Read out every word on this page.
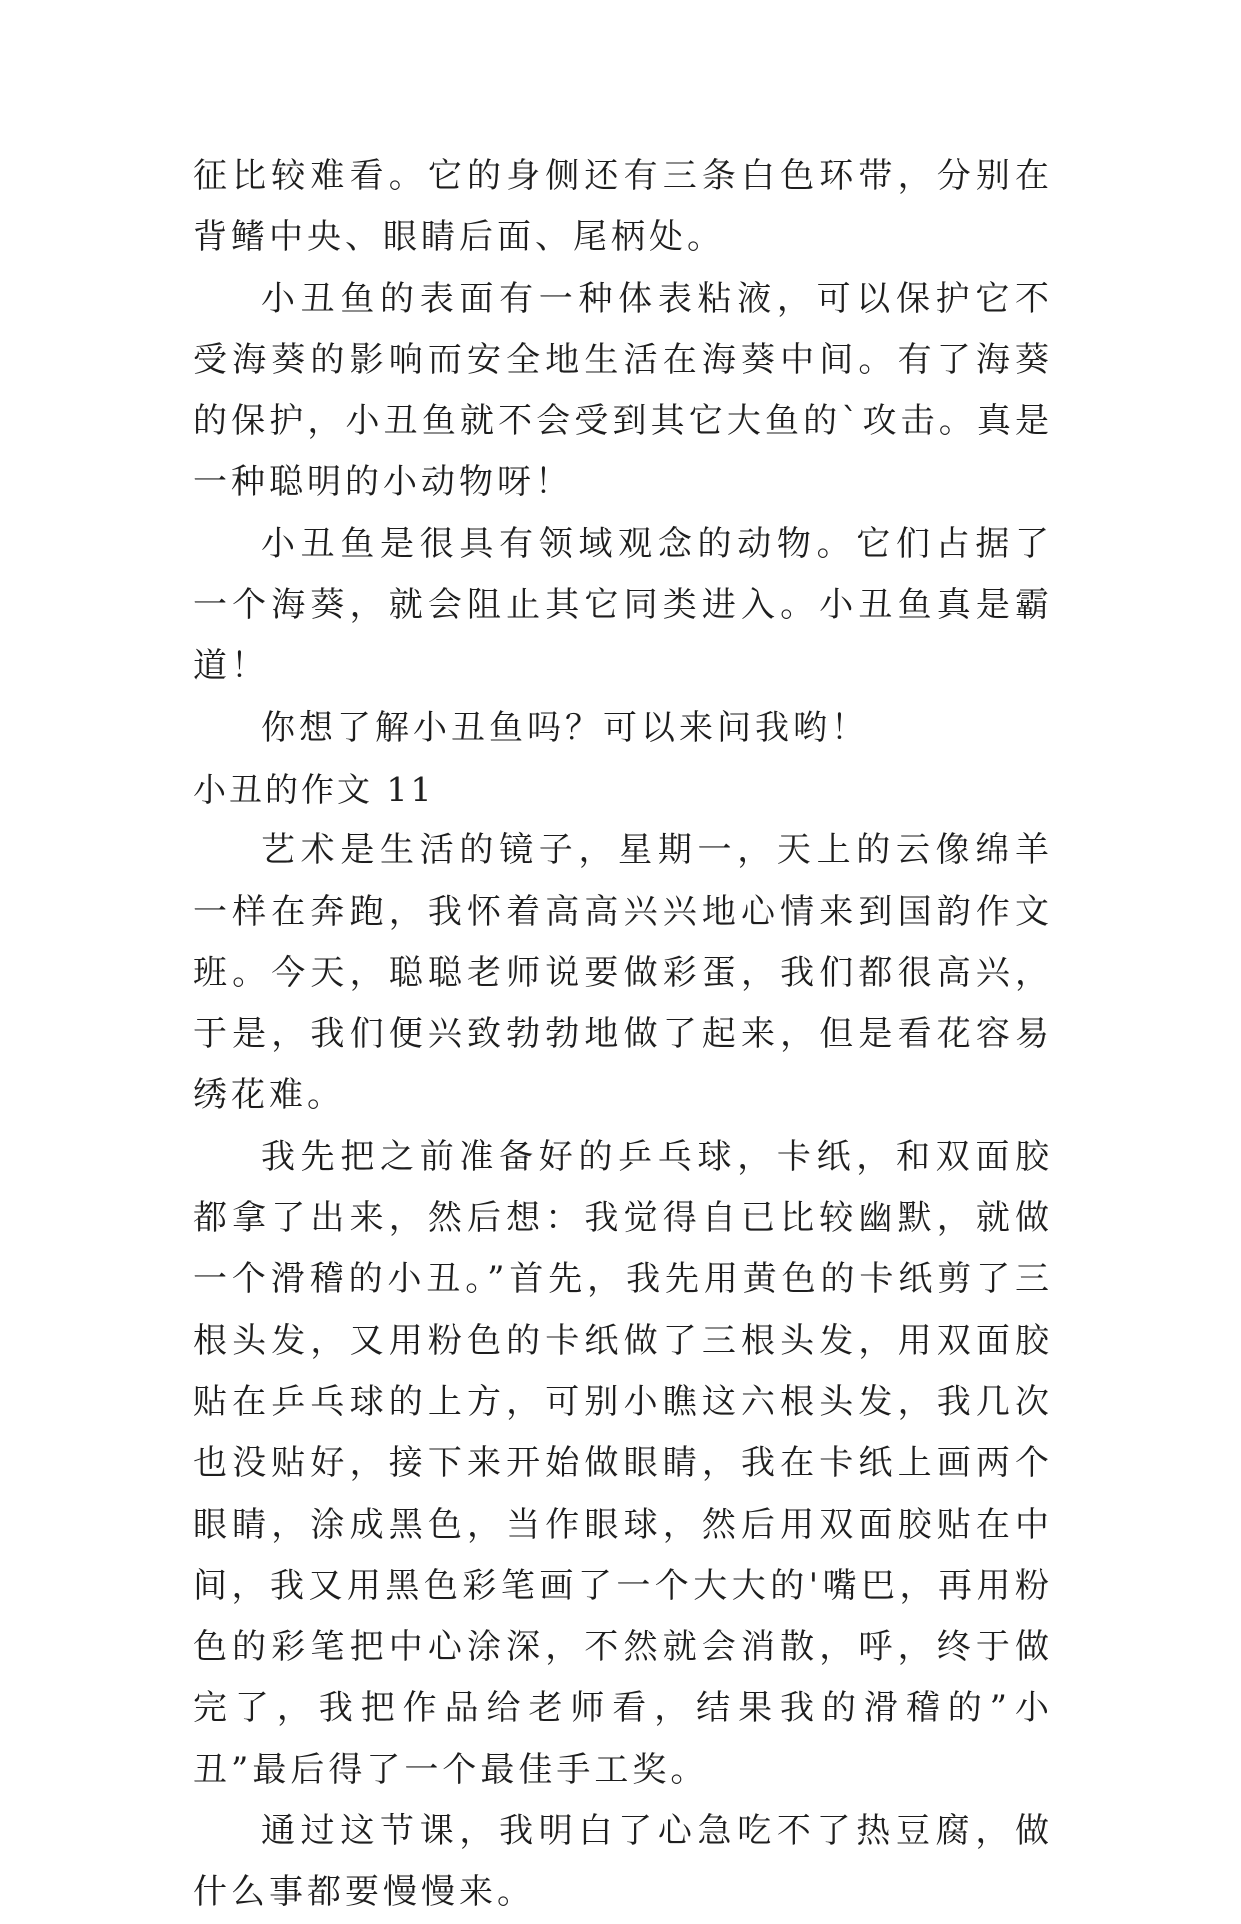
征比较难看。它的身侧还有三条白色环带，分别在背鳍中央、眼睛后面、尾柄处。

小丑鱼的表面有一种体表粘液，可以保护它不受海葵的影响而安全地生活在海葵中间。有了海葵的保护，小丑鱼就不会受到其它大鱼的`攻击。真是一种聪明的小动物呀！

小丑鱼是很具有领域观念的动物。它们占据了一个海葵，就会阻止其它同类进入。小丑鱼真是霸道！

你想了解小丑鱼吗？可以来问我哟！

小丑的作文 11

艺术是生活的镜子，星期一，天上的云像绵羊一样在奔跑，我怀着高高兴兴地心情来到国韵作文班。今天，聪聪老师说要做彩蛋，我们都很高兴，于是，我们便兴致勃勃地做了起来，但是看花容易绣花难。

我先把之前准备好的乒乓球，卡纸，和双面胶都拿了出来，然后想：我觉得自已比较幽默，就做一个滑稽的小丑。”首先，我先用黄色的卡纸剪了三根头发，又用粉色的卡纸做了三根头发，用双面胶贴在乒乓球的上方，可别小瞧这六根头发，我几次也没贴好，接下来开始做眼睛，我在卡纸上画两个眼睛，涂成黑色，当作眼球，然后用双面胶贴在中间，我又用黑色彩笔画了一个大大的'嘴巴，再用粉色的彩笔把中心涂深，不然就会消散，呼，终于做完了，我把作品给老师看，结果我的滑稽的”小丑”最后得了一个最佳手工奖。

通过这节课，我明白了心急吃不了热豆腐，做什么事都要慢慢来。
